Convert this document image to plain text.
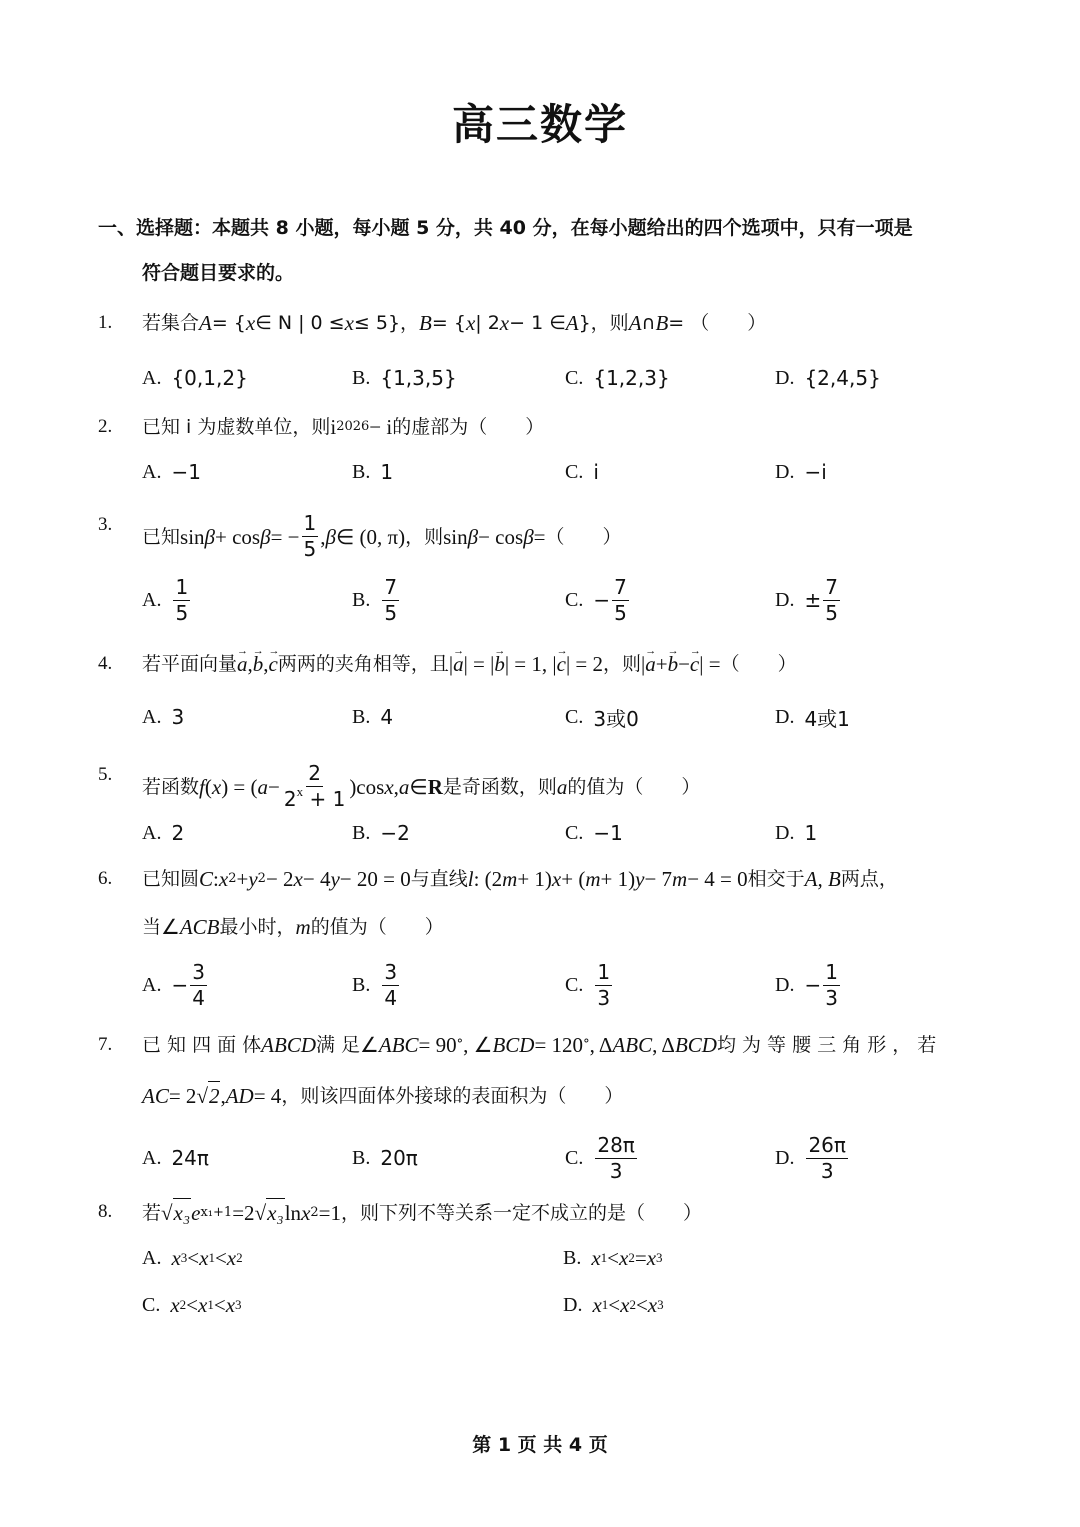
高三数学
一、选择题：本题共 8 小题，每小题 5 分，共 40 分，在每小题给出的四个选项中，只有一项是
符合题目要求的。
1. 若集合 A = { x ∈ N | 0 ≤ x ≤ 5}， B = { x | 2 x − 1 ∈ A }，则 A ∩ B = （　　）
A. {0,1,2}	B. {1,3,5}	C. {1,2,3}	D. {2,4,5}
2. 已知 i 为虚数单位，则 i 2026 − i 的虚部为（　　）
A. −1	B. 1	C. i	D. −i
3.
已知 sin β + cos β = − $\frac{1}{5}$ , β ∈ (0, π) ，则 sin β − cos β = （　　）
A. $\frac{1}{5}$	B. $\frac{7}{5}$	C. − $\frac{7}{5}$	D. ± $\frac{7}{5}$
4. 若平面向量 → a , → b , → c 两两的夹角相等，且 | → a | = | → b | = 1, | → c | = 2 ，则 | → a + → b − → c | = （　　）
A. 3	B. 4	C. 3或0	D. 4或1
5.
若函数 f ( x ) = ( $a - \frac{2}{2^x + 1} )\cos$ x , a ∈ R 是奇函数，则 a 的值为（　　）
A. 2	B. −2	C. −1	D. 1
6. 已知圆 C : x 2 + y 2 − 2 x − 4 y − 20 = 0 与直线 l : (2 m + 1) x + ( m + 1) y − 7 m − 4 = 0 相交于 A, B 两点，
当 ∠ ACB 最小时， m 的值为（　　）
A. − $\frac{3}{4}$	B. $\frac{3}{4}$	C. $\frac{1}{3}$	D. − $\frac{1}{3}$
7. 已 知 四 面 体 ABCD 满 足 ∠ ABC = 90 ° , ∠ BCD = 120 ° , Δ ABC , Δ BCD 均 为 等 腰 三 角 形 ， 若
AC = 2 √ 2 , AD = 4 ，则该四面体外接球的表面积为（　　）
A. 24π	B. 20π	C. $\frac{28\pi}{3}$	D. $\frac{26\pi}{3}$
8. 若 √ x₃ e x₁+1 =2 √ x₃ ln x 2 =1 ，则下列不等关系一定不成立的是（　　）
A. x 3 < x 1 < x 2	B. x 1 < x 2 = x 3
C. x 2 < x 1 < x 3	D. x 1 < x 2 < x 3
第 1 页 共 4 页
